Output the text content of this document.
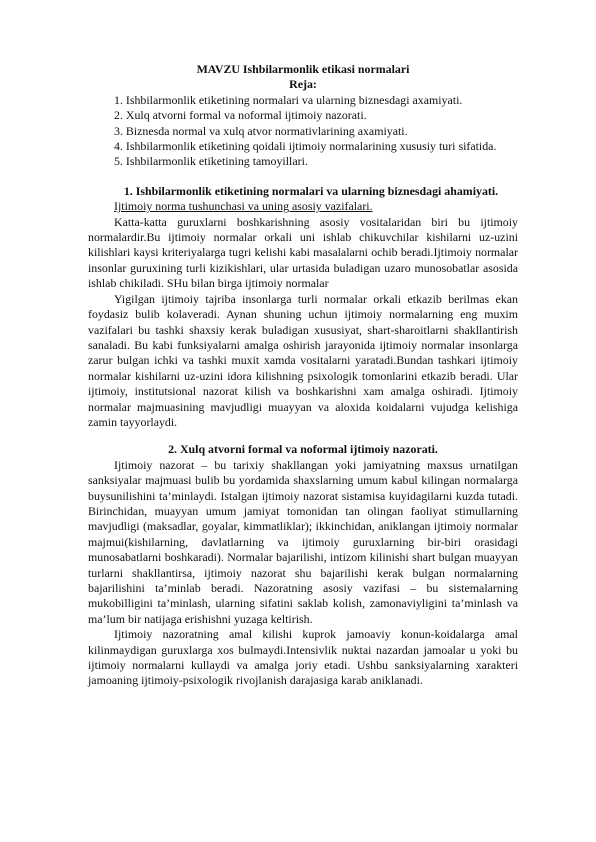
MAVZU Ishbilarmonlik etikasi normalari
Reja:
1. Ishbilarmonlik etiketining normalari va ularning biznesdagi axamiyati.
2. Xulq atvorni formal va noformal ijtimoiy nazorati.
3. Biznesda normal va xulq atvor normativlarining axamiyati.
4. Ishbilarmonlik etiketining qoidali ijtimoiy normalarining xususiy turi sifatida.
5. Ishbilarmonlik etiketining tamoyillari.
1. Ishbilarmonlik etiketining normalari va ularning biznesdagi ahamiyati.
Ijtimoiy norma tushunchasi va uning asosiy vazifalari.

Katta-katta guruxlarni boshkarishning asosiy vositalaridan biri bu ijtimoiy normalardir.Bu ijtimoiy normalar orkali uni ishlab chikuvchilar kishilarni uz-uzini kilishlari kaysi kriteriyalarga tugri kelishi kabi masalalarni ochib beradi.Ijtimoiy normalar insonlar guruxining turli kizikishlari, ular urtasida buladigan uzaro munosobatlar asosida ishlab chikiladi. SHu bilan birga ijtimoiy normalar

Yigilgan ijtimoiy tajriba insonlarga turli normalar orkali etkazib berilmas ekan foydasiz bulib kolaveradi. Aynan shuning uchun ijtimoiy normalarning eng muxim vazifalari bu tashki shaxsiy kerak buladigan xususiyat, shart-sharoitlarni shakllantirish sanaladi. Bu kabi funksiyalarni amalga oshirish jarayonida ijtimoiy normalar insonlarga zarur bulgan ichki va tashki muxit xamda vositalarni yaratadi.Bundan tashkari ijtimoiy normalar kishilarni uz-uzini idora kilishning psixologik tomonlarini etkazib beradi. Ular ijtimoiy, institutsional nazorat kilish va boshkarishni xam amalga oshiradi. Ijtimoiy normalar majmuasining mavjudligi muayyan va aloxida koidalarni vujudga kelishiga zamin tayyorlaydi.

2. Xulq atvorni formal va noformal ijtimoiy nazorati.

Ijtimoiy nazorat – bu tarixiy shakllangan yoki jamiyatning maxsus urnatilgan sanksiyalar majmuasi bulib bu yordamida shaxslarning umum kabul kilingan normalarga buysunilishini ta’minlaydi. Istalgan ijtimoiy nazorat sistamisa kuyidagilarni kuzda tutadi. Birinchidan, muayyan umum jamiyat tomonidan tan olingan faoliyat stimullarning mavjudligi (maksadlar, goyalar, kimmatliklar); ikkinchidan, aniklangan ijtimoiy normalar majmui(kishilarning, davlatlarning va ijtimoiy guruxlarning bir-biri orasidagi munosabatlarni boshkaradi). Normalar bajarilishi, intizom kilinishi shart bulgan muayyan turlarni shakllantirsa, ijtimoiy nazorat shu bajarilishi kerak bulgan normalarning bajarilishini ta’minlab beradi. Nazoratning asosiy vazifasi – bu sistemalarning mukobilligini ta’minlash, ularning sifatini saklab kolish, zamonaviyligini ta’minlash va ma’lum bir natijaga erishishni yuzaga keltirish.

Ijtimoiy nazoratning amal kilishi kuprok jamoaviy konun-koidalarga amal kilinmaydigan guruxlarga xos bulmaydi.Intensivlik nuktai nazardan jamoalar u yoki bu ijtimoiy normalarni kullaydi va amalga joriy etadi. Ushbu sanksiyalarning xarakteri jamoaning ijtimoiy-psixologik rivojlanish darajasiga karab aniklanadi.
